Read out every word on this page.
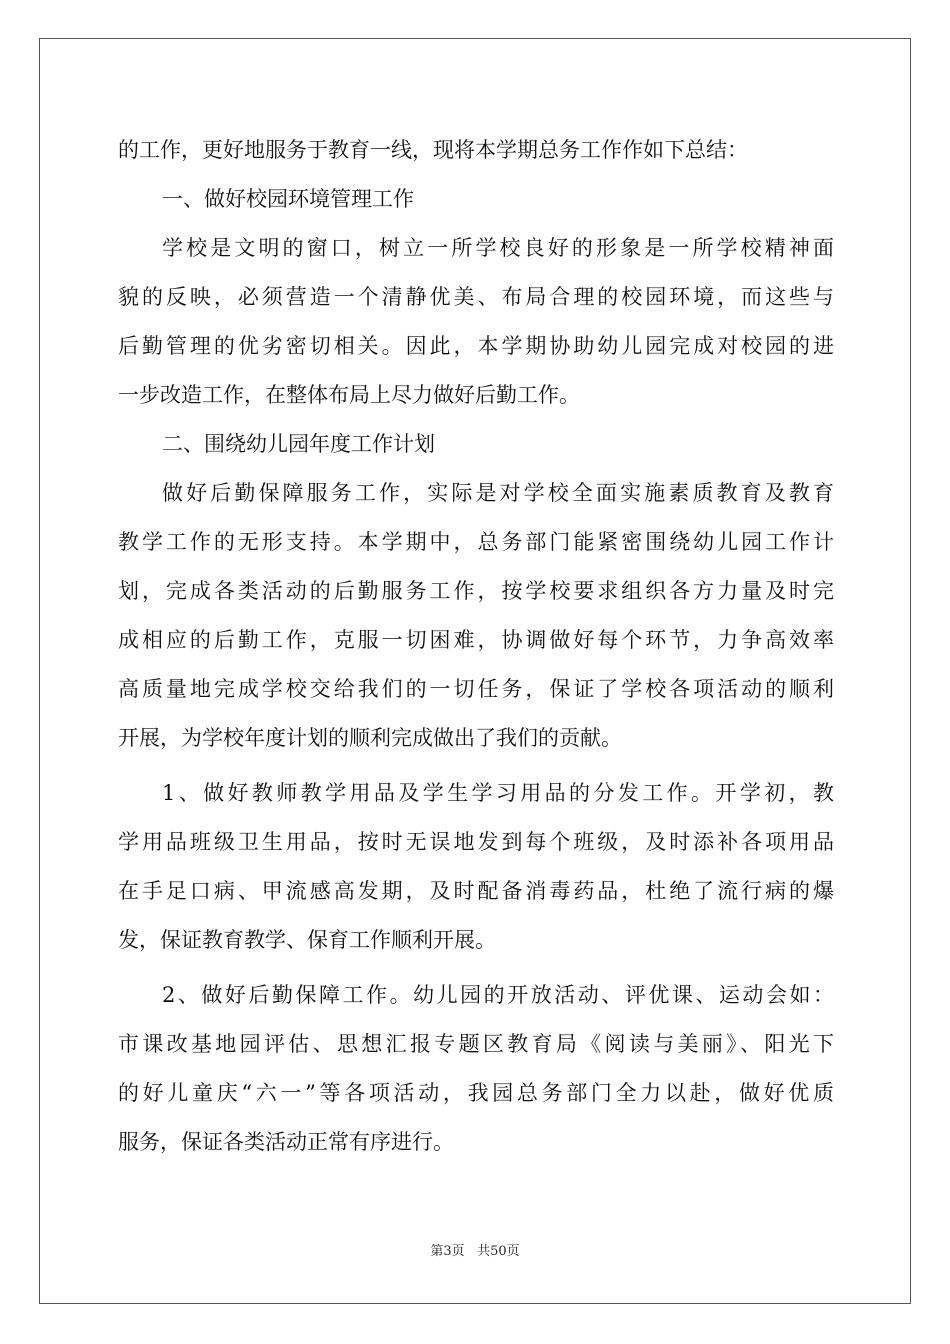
的工作，更好地服务于教育一线，现将本学期总务工作作如下总结：
一、做好校园环境管理工作
学校是文明的窗口，树立一所学校良好的形象是一所学校精神面
貌的反映，必须营造一个清静优美、布局合理的校园环境，而这些与
后勤管理的优劣密切相关。因此，本学期协助幼儿园完成对校园的进
一步改造工作，在整体布局上尽力做好后勤工作。
二、围绕幼儿园年度工作计划
做好后勤保障服务工作，实际是对学校全面实施素质教育及教育
教学工作的无形支持。本学期中，总务部门能紧密围绕幼儿园工作计
划，完成各类活动的后勤服务工作，按学校要求组织各方力量及时完
成相应的后勤工作，克服一切困难，协调做好每个环节，力争高效率
高质量地完成学校交给我们的一切任务，保证了学校各项活动的顺利
开展，为学校年度计划的顺利完成做出了我们的贡献。
1、做好教师教学用品及学生学习用品的分发工作。开学初，教
学用品班级卫生用品，按时无误地发到每个班级，及时添补各项用品
在手足口病、甲流感高发期，及时配备消毒药品，杜绝了流行病的爆
发，保证教育教学、保育工作顺利开展。
2、做好后勤保障工作。幼儿园的开放活动、评优课、运动会如：
市课改基地园评估、思想汇报专题区教育局《阅读与美丽》、阳光下
的好儿童庆“六一”等各项活动，我园总务部门全力以赴，做好优质
服务，保证各类活动正常有序进行。
第3页 共50页
